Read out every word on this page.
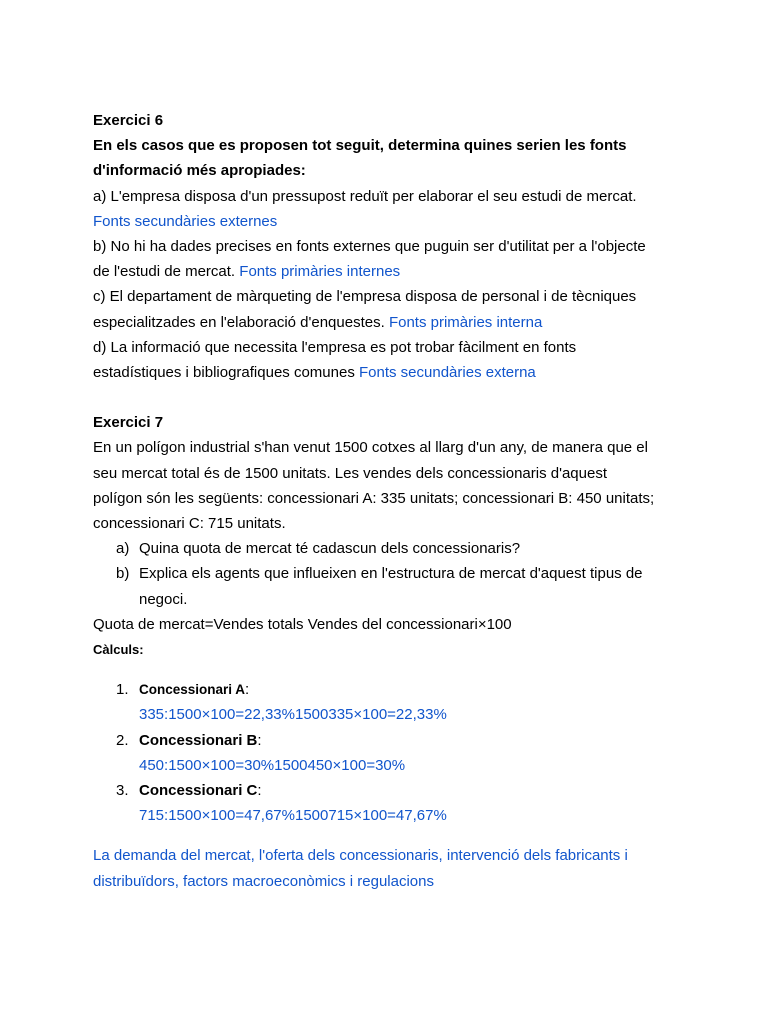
Exercici 6
En els casos que es proposen tot seguit, determina quines serien les fonts
d'informació més apropiades:
a) L'empresa disposa d'un pressupost reduït per elaborar el seu estudi de mercat.
Fonts secundàries externes
b) No hi ha dades precises en fonts externes que puguin ser d'utilitat per a l'objecte
de l'estudi de mercat. Fonts primàries internes
c) El departament de màrqueting de l'empresa disposa de personal i de tècniques
especialitzades en l'elaboració d'enquestes. Fonts primàries interna
d) La informació que necessita l'empresa es pot trobar fàcilment en fonts
estadístiques i bibliografiques comunes Fonts secundàries externa
Exercici 7
En un polígon industrial s'han venut 1500 cotxes al llarg d'un any, de manera que el
seu mercat total és de 1500 unitats. Les vendes dels concessionaris d'aquest
polígon són les següents: concessionari A: 335 unitats; concessionari B: 450 unitats;
concessionari C: 715 unitats.
a) Quina quota de mercat té cadascun dels concessionaris?
b) Explica els agents que influeixen en l'estructura de mercat d'aquest tipus de
negoci.
Quota de mercat=Vendes totals Vendes del concessionari×100
Càlculs:
1. Concessionari A:
335:1500×100=22,33%1500335×100=22,33%
2. Concessionari B:
450:1500×100=30%1500450×100=30%
3. Concessionari C:
715:1500×100=47,67%1500715×100=47,67%
La demanda del mercat, l'oferta dels concessionaris, intervenció dels fabricants i
distribuïdors, factors macroeconòmics i regulacions
